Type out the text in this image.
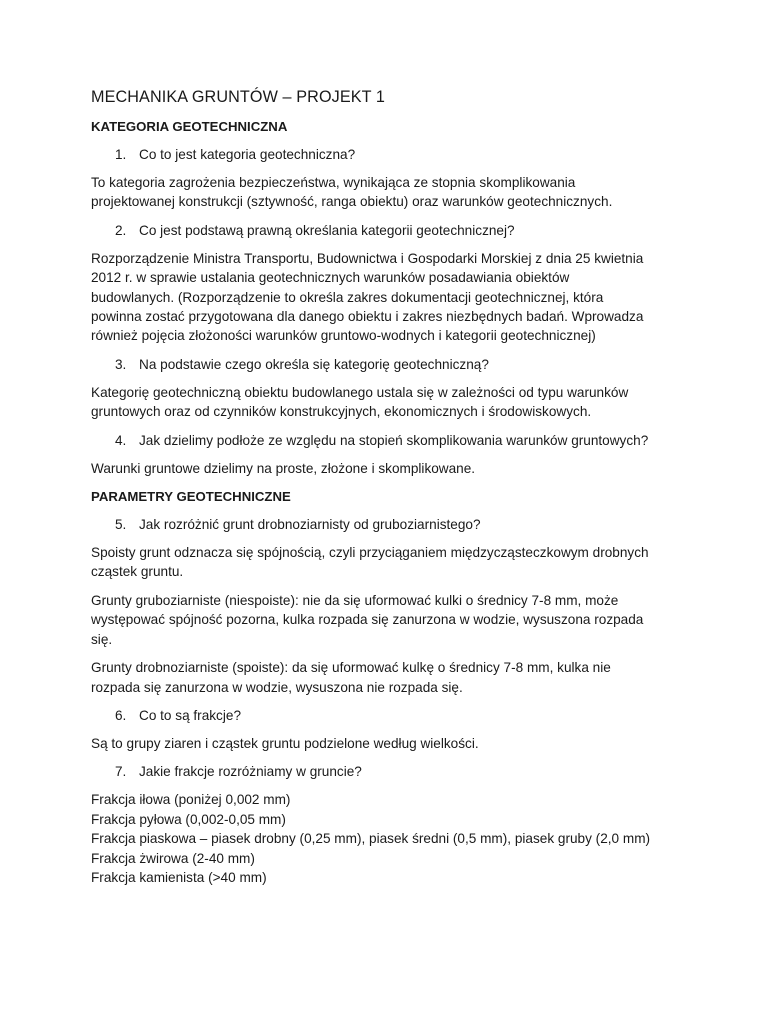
MECHANIKA GRUNTÓW – PROJEKT 1
KATEGORIA GEOTECHNICZNA
1. Co to jest kategoria geotechniczna?
To kategoria zagrożenia bezpieczeństwa, wynikająca ze stopnia skomplikowania
projektowanej konstrukcji (sztywność, ranga obiektu) oraz warunków geotechnicznych.
2. Co jest podstawą prawną określania kategorii geotechnicznej?
Rozporządzenie Ministra Transportu, Budownictwa i Gospodarki Morskiej z dnia 25 kwietnia
2012 r. w sprawie ustalania geotechnicznych warunków posadawiania obiektów
budowlanych. (Rozporządzenie to określa zakres dokumentacji geotechnicznej, która
powinna zostać przygotowana dla danego obiektu i zakres niezbędnych badań. Wprowadza
również pojęcia złożoności warunków gruntowo-wodnych i kategorii geotechnicznej)
3. Na podstawie czego określa się kategorię geotechniczną?
Kategorię geotechniczną obiektu budowlanego ustala się w zależności od typu warunków
gruntowych oraz od czynników konstrukcyjnych, ekonomicznych i środowiskowych.
4. Jak dzielimy podłoże ze względu na stopień skomplikowania warunków gruntowych?
Warunki gruntowe dzielimy na proste, złożone i skomplikowane.
PARAMETRY GEOTECHNICZNE
5. Jak rozróżnić grunt drobnoziarnisty od gruboziarnistego?
Spoisty grunt odznacza się spójnością, czyli przyciąganiem międzycząsteczkowym drobnych
cząstek gruntu.
Grunty gruboziarniste (niespoiste): nie da się uformować kulki o średnicy 7-8 mm, może
występować spójność pozorna, kulka rozpada się zanurzona w wodzie, wysuszona rozpada
się.
Grunty drobnoziarniste (spoiste): da się uformować kulkę o średnicy 7-8 mm, kulka nie
rozpada się zanurzona w wodzie, wysuszona nie rozpada się.
6. Co to są frakcje?
Są to grupy ziaren i cząstek gruntu podzielone według wielkości.
7. Jakie frakcje rozróżniamy w gruncie?
Frakcja iłowa (poniżej 0,002 mm)
Frakcja pyłowa (0,002-0,05 mm)
Frakcja piaskowa – piasek drobny (0,25 mm), piasek średni (0,5 mm), piasek gruby (2,0 mm)
Frakcja żwirowa (2-40 mm)
Frakcja kamienista (>40 mm)
